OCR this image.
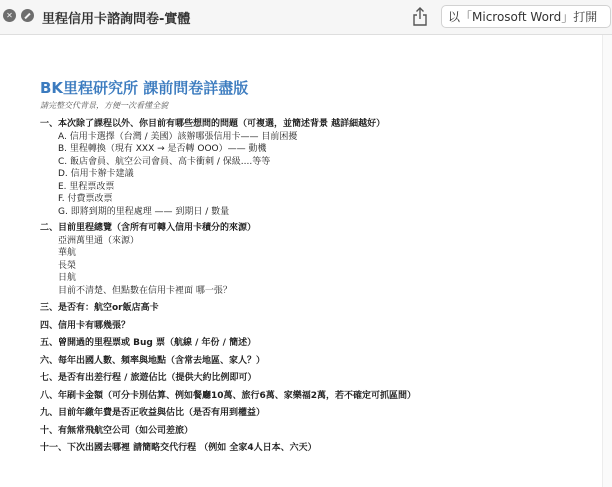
✕
里程信用卡諮詢問卷-實體	以「Microsoft Word」打開
BK里程研究所 課前問卷詳盡版
請完整交代背景，方便一次看懂全貌
一、本次除了課程以外、你目前有哪些想問的問題（可複選，並簡述背景 越詳細越好）
A. 信用卡選擇（台灣 / 美國）該辦哪張信用卡—— 目前困擾
B. 里程轉換（現有 XXX → 是否轉 OOO）—— 動機
C. 飯店會員、航空公司會員、高卡衝刺 / 保級....等等
D. 信用卡辦卡建議
E. 里程票改票
F. 付費票改票
G. 即將到期的里程處理 —— 到期日 / 數量
二、目前里程總覽（含所有可轉入信用卡積分的來源）
亞洲萬里通（來源）
華航
長榮
日航
目前不清楚、但點數在信用卡裡面 哪一張？
三、是否有：航空or飯店高卡
四、信用卡有哪幾張？
五、曾開過的里程票或 Bug 票（航線 / 年份 / 簡述）
六、每年出國人數、頻率與地點（含常去地區、家人？）
七、是否有出差行程 / 旅遊佔比（提供大約比例即可）
八、年刷卡金額（可分卡別估算、例如餐廳10萬、旅行6萬、家樂福2萬，若不確定可抓區間）
九、目前年繳年費是否正收益與估比（是否有用到權益）
十、有無常飛航空公司（如公司差旅）
十一、下次出國去哪裡 請簡略交代行程 （例如 全家4人日本、六天）
